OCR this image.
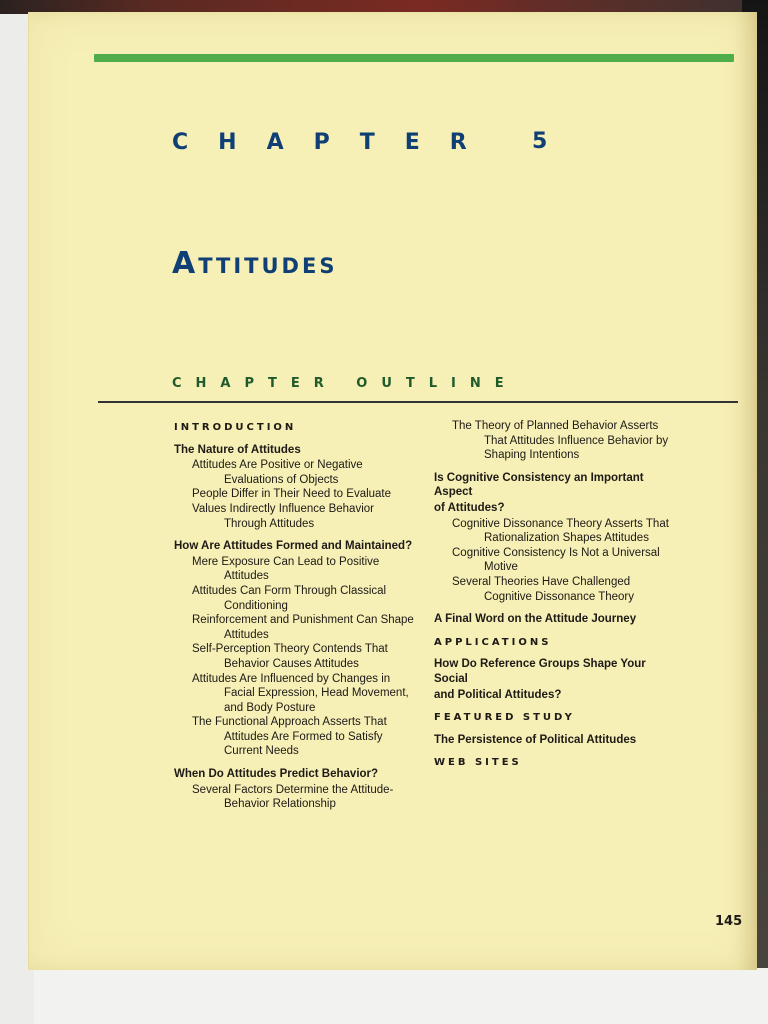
C H A P T E R	5
Attitudes
CHAPTER OUTLINE
INTRODUCTION
The Nature of Attitudes
Attitudes Are Positive or Negative
Evaluations of Objects
People Differ in Their Need to Evaluate
Values Indirectly Influence Behavior
Through Attitudes
How Are Attitudes Formed and Maintained?
Mere Exposure Can Lead to Positive
Attitudes
Attitudes Can Form Through Classical
Conditioning
Reinforcement and Punishment Can Shape
Attitudes
Self-Perception Theory Contends That
Behavior Causes Attitudes
Attitudes Are Influenced by Changes in
Facial Expression, Head Movement,
and Body Posture
The Functional Approach Asserts That
Attitudes Are Formed to Satisfy
Current Needs
When Do Attitudes Predict Behavior?
Several Factors Determine the Attitude-
Behavior Relationship
The Theory of Planned Behavior Asserts
That Attitudes Influence Behavior by
Shaping Intentions
Is Cognitive Consistency an Important Aspect
of Attitudes?
Cognitive Dissonance Theory Asserts That
Rationalization Shapes Attitudes
Cognitive Consistency Is Not a Universal
Motive
Several Theories Have Challenged
Cognitive Dissonance Theory
A Final Word on the Attitude Journey
APPLICATIONS
How Do Reference Groups Shape Your Social
and Political Attitudes?
FEATURED STUDY
The Persistence of Political Attitudes
WEB SITES
145
